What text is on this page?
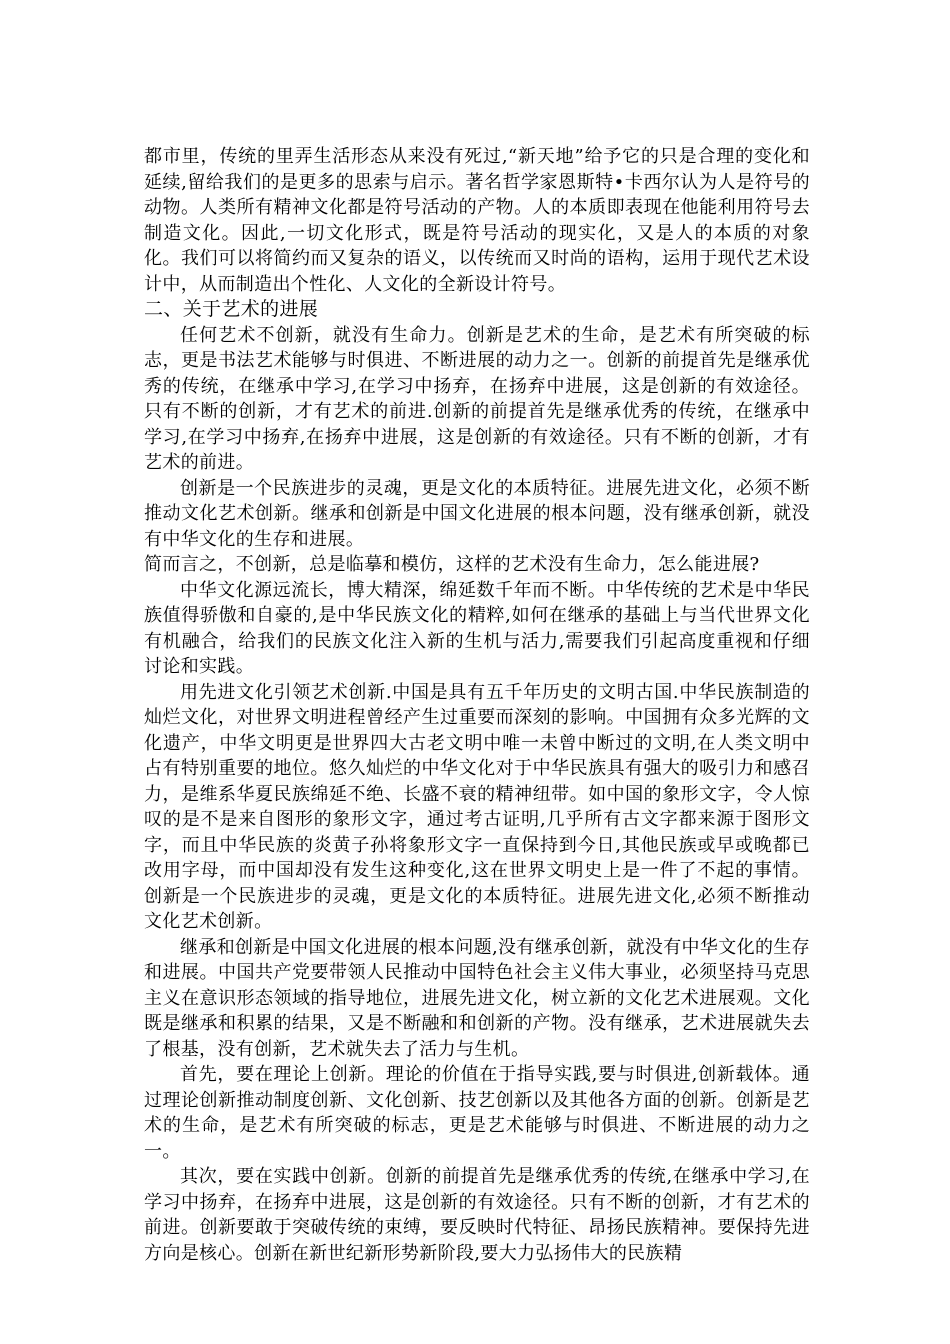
都市里，传统的里弄生活形态从来没有死过,“新天地”给予它的只是合理的变化和延续,留给我们的是更多的思索与启示。著名哲学家恩斯特•卡西尔认为人是符号的动物。人类所有精神文化都是符号活动的产物。人的本质即表现在他能利用符号去制造文化。因此,一切文化形式，既是符号活动的现实化，又是人的本质的对象化。我们可以将简约而又复杂的语义，以传统而又时尚的语构，运用于现代艺术设计中，从而制造出个性化、人文化的全新设计符号。

二、关于艺术的进展

任何艺术不创新，就没有生命力。创新是艺术的生命，是艺术有所突破的标志，更是书法艺术能够与时俱进、不断进展的动力之一。创新的前提首先是继承优秀的传统，在继承中学习,在学习中扬弃，在扬弃中进展，这是创新的有效途径。只有不断的创新，才有艺术的前进.创新的前提首先是继承优秀的传统，在继承中学习,在学习中扬弃,在扬弃中进展，这是创新的有效途径。只有不断的创新，才有艺术的前进。

创新是一个民族进步的灵魂，更是文化的本质特征。进展先进文化，必须不断推动文化艺术创新。继承和创新是中国文化进展的根本问题，没有继承创新，就没有中华文化的生存和进展。

简而言之，不创新，总是临摹和模仿，这样的艺术没有生命力，怎么能进展?

中华文化源远流长，博大精深，绵延数千年而不断。中华传统的艺术是中华民族值得骄傲和自豪的,是中华民族文化的精粹,如何在继承的基础上与当代世界文化有机融合，给我们的民族文化注入新的生机与活力,需要我们引起高度重视和仔细讨论和实践。

用先进文化引领艺术创新.中国是具有五千年历史的文明古国.中华民族制造的灿烂文化，对世界文明进程曾经产生过重要而深刻的影响。中国拥有众多光辉的文化遗产，中华文明更是世界四大古老文明中唯一未曾中断过的文明,在人类文明中占有特别重要的地位。悠久灿烂的中华文化对于中华民族具有强大的吸引力和感召力，是维系华夏民族绵延不绝、长盛不衰的精神纽带。如中国的象形文字，令人惊叹的是不是来自图形的象形文字，通过考古证明,几乎所有古文字都来源于图形文字，而且中华民族的炎黄子孙将象形文字一直保持到今日,其他民族或早或晚都已改用字母，而中国却没有发生这种变化,这在世界文明史上是一件了不起的事情。创新是一个民族进步的灵魂，更是文化的本质特征。进展先进文化,必须不断推动文化艺术创新。

继承和创新是中国文化进展的根本问题,没有继承创新，就没有中华文化的生存和进展。中国共产党要带领人民推动中国特色社会主义伟大事业，必须坚持马克思主义在意识形态领域的指导地位，进展先进文化，树立新的文化艺术进展观。文化既是继承和积累的结果，又是不断融和和创新的产物。没有继承，艺术进展就失去了根基，没有创新，艺术就失去了活力与生机。

首先，要在理论上创新。理论的价值在于指导实践,要与时俱进,创新载体。通过理论创新推动制度创新、文化创新、技艺创新以及其他各方面的创新。创新是艺术的生命，是艺术有所突破的标志，更是艺术能够与时俱进、不断进展的动力之一。

其次，要在实践中创新。创新的前提首先是继承优秀的传统,在继承中学习,在学习中扬弃，在扬弃中进展，这是创新的有效途径。只有不断的创新，才有艺术的前进。创新要敢于突破传统的束缚，要反映时代特征、昂扬民族精神。要保持先进方向是核心。创新在新世纪新形势新阶段,要大力弘扬伟大的民族精
